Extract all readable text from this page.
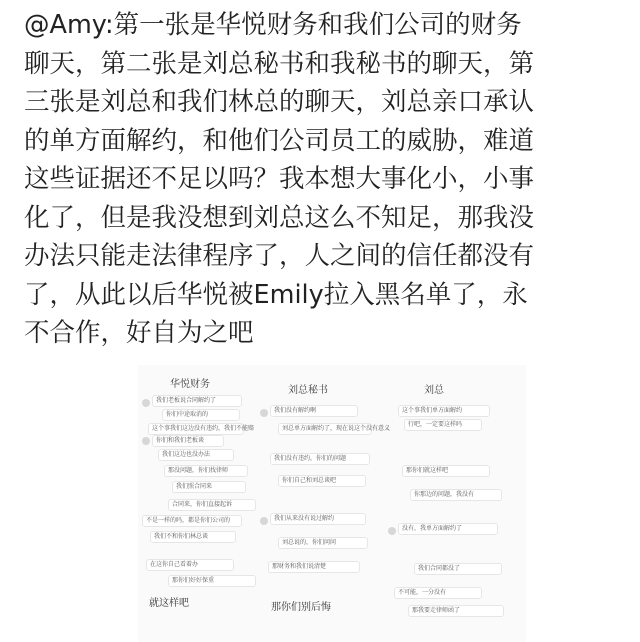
@Amy:第一张是华悦财务和我们公司的财务
聊天，第二张是刘总秘书和我秘书的聊天，第
三张是刘总和我们林总的聊天，刘总亲口承认
的单方面解约，和他们公司员工的威胁，难道
这些证据还不足以吗？我本想大事化小，小事
化了，但是我没想到刘总这么不知足，那我没
办法只能走法律程序了，人之间的信任都没有
了，从此以后华悦被Emily拉入黑名单了，永
不合作，好自为之吧
华悦财务
我们老板说合同解约了
你们中途取消的
这个事我们这边没有违约，我们不能赔
你们和我们老板谈
我们这边也没办法
那没问题，你们找律师
我们照合同来
合同来，你们直接起诉
不是一样的吗，都是你们公司的
我们不和你们林总谈
在这你自己看着办
那你们好好保重
就这样吧
刘总秘书
我们没有解约啊
刘总单方面解约了，现在说这个没有意义
我们没有违约，你们的问题
你们自己和刘总谈吧
我们从来没有说过解约
刘总说的，你们问问
那财务和我们说清楚
那你们别后悔
刘总
这个事我们单方面解约
行吧，一定要这样吗
那你们就这样吧
你那边的问题，我没有
没有，我单方面解约了
我们合同都没了
不可能，一分没有
那我要走律师函了
